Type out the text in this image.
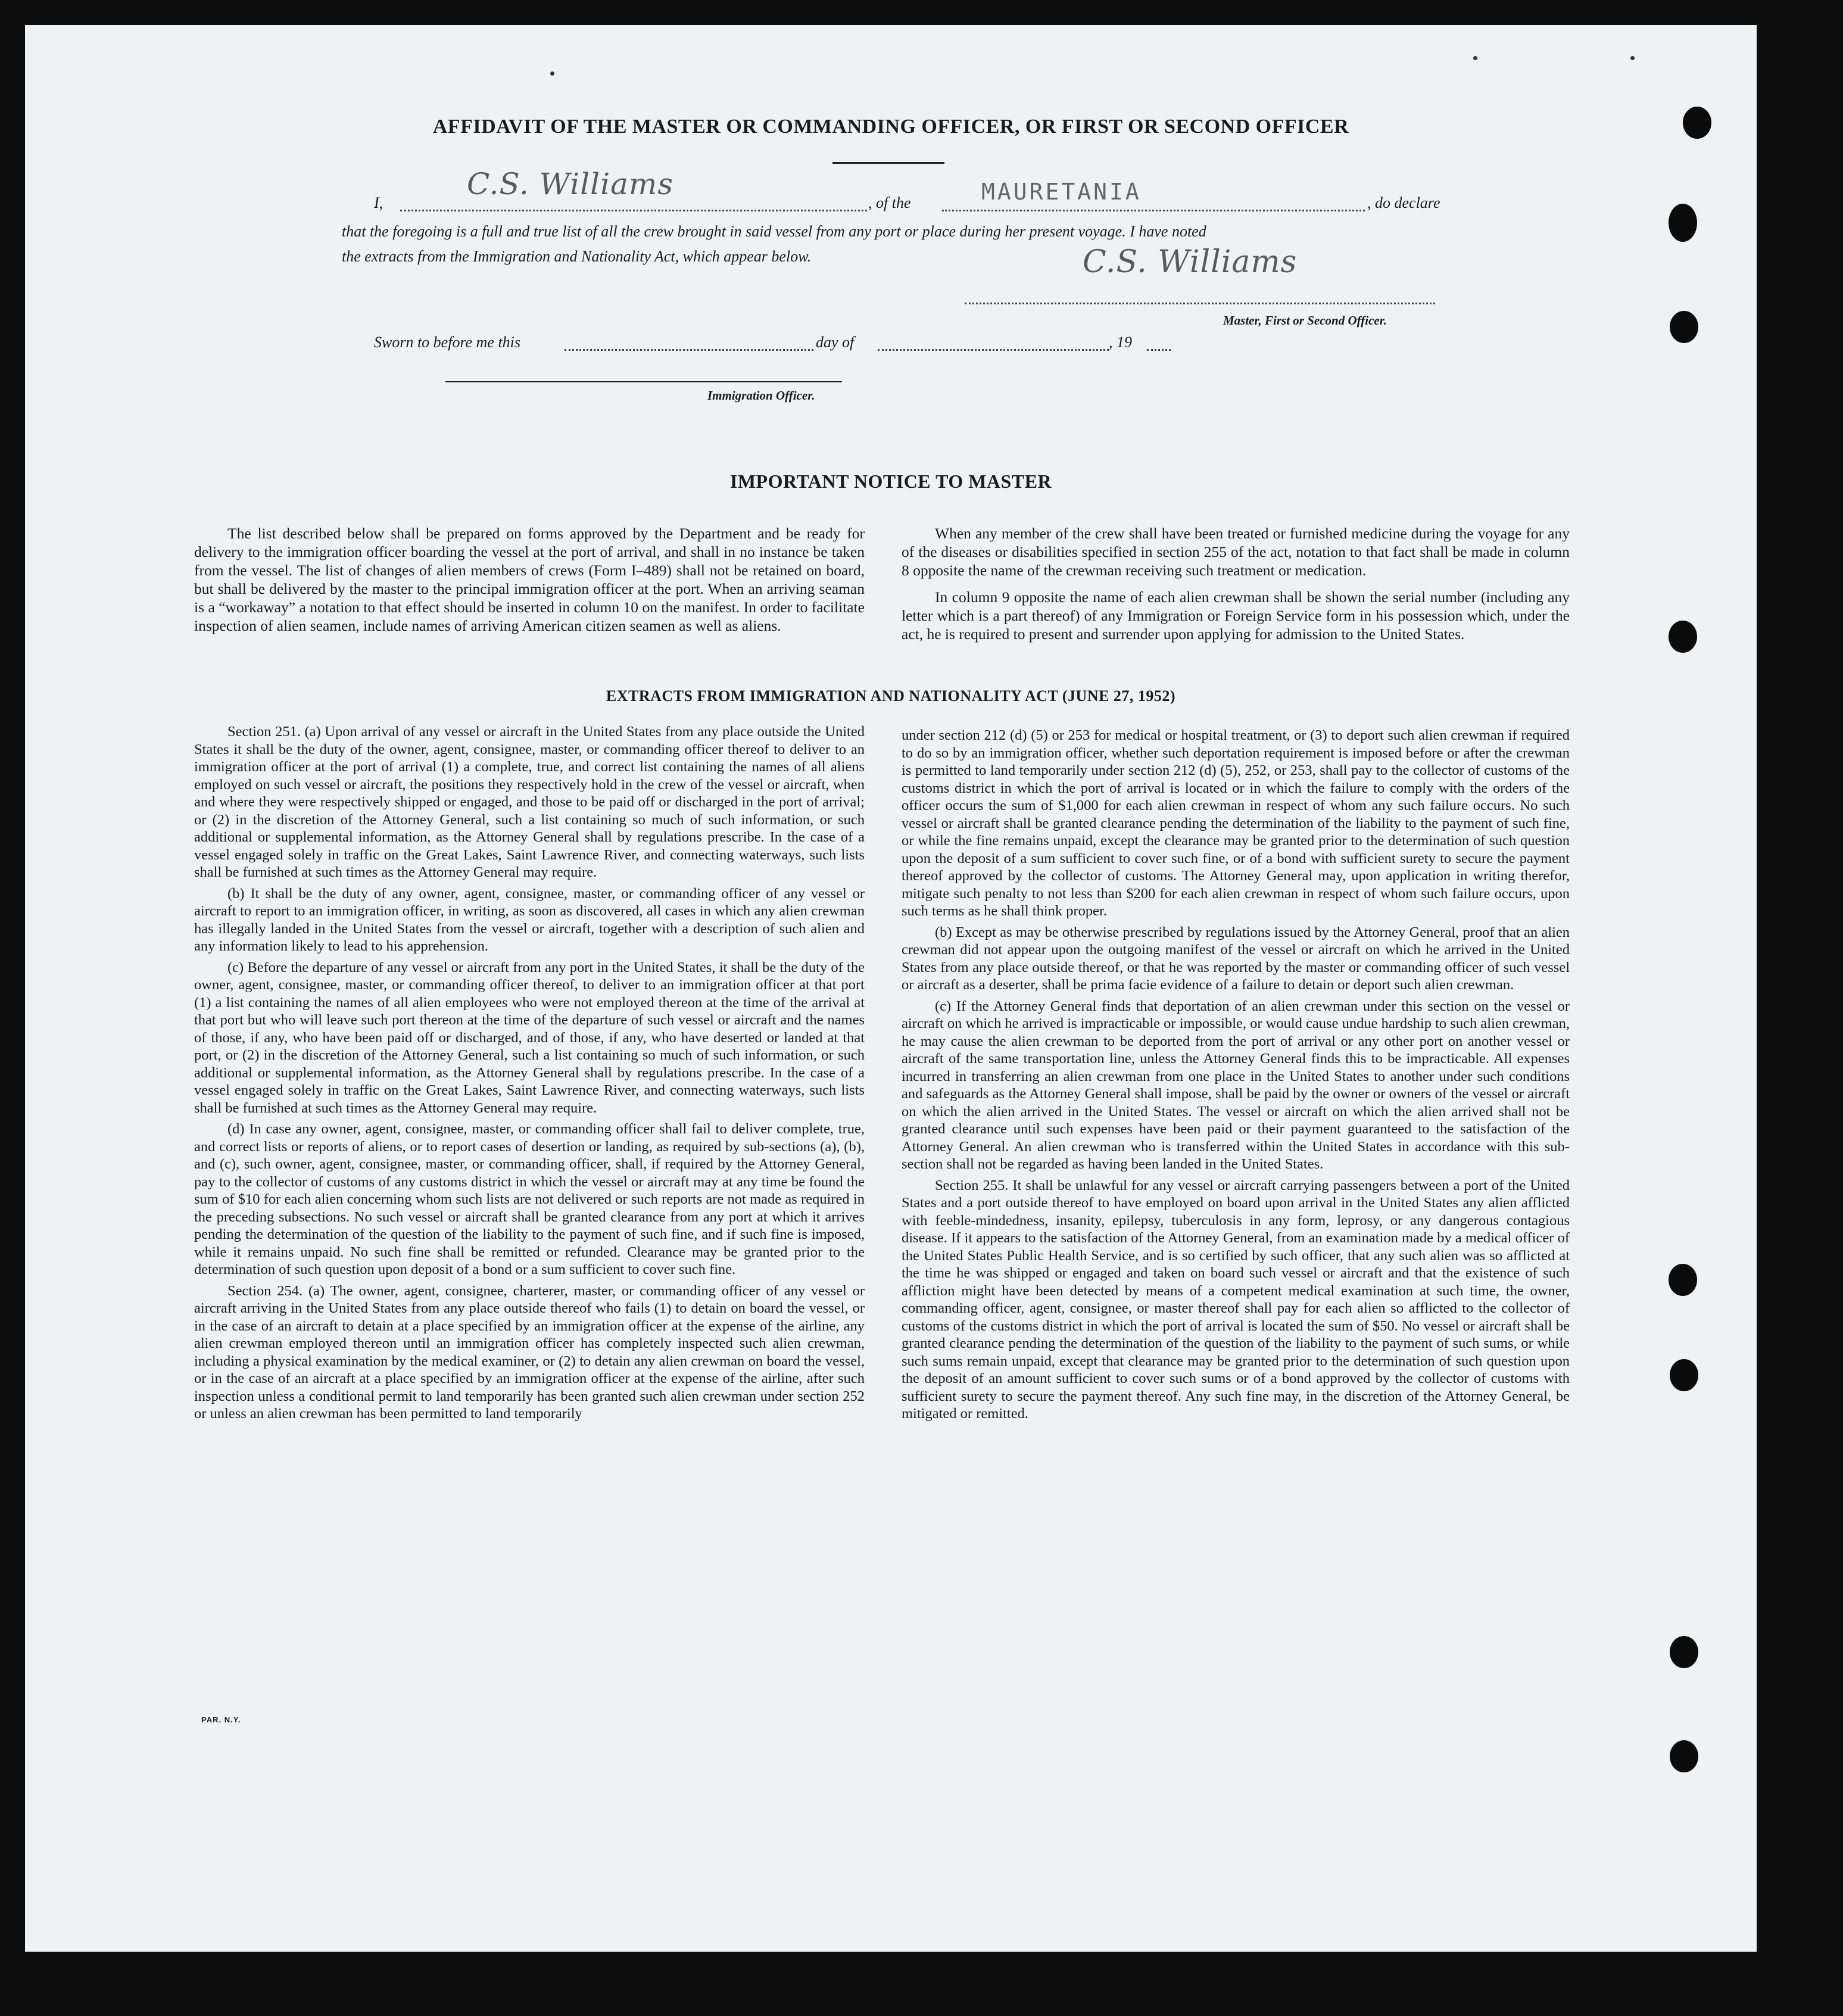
AFFIDAVIT OF THE MASTER OR COMMANDING OFFICER, OR FIRST OR SECOND OFFICER
I,
C.S. Williams
, of the	MAURETANIA	, do declare
that the foregoing is a full and true list of all the crew brought in said vessel from any port or place during her present voyage. I have noted
the extracts from the Immigration and Nationality Act, which appear below.	C.S. Williams
Master, First or Second Officer.
Sworn to before me this	day of	, 19
Immigration Officer.
IMPORTANT NOTICE TO MASTER

The list described below shall be prepared on forms approved by the Department and be ready for delivery to the immigration officer boarding the vessel at the port of arrival, and shall in no instance be taken from the vessel. The list of changes of alien members of crews (Form I–489) shall not be retained on board, but shall be delivered by the master to the principal immigration officer at the port. When an arriving seaman is a “workaway” a notation to that effect should be inserted in column 10 on the manifest. In order to facilitate inspection of alien seamen, include names of arriving American citizen seamen as well as aliens.

When any member of the crew shall have been treated or furnished medicine during the voyage for any of the diseases or disabilities specified in section 255 of the act, notation to that fact shall be made in column 8 opposite the name of the crewman receiving such treatment or medication.

In column 9 opposite the name of each alien crewman shall be shown the serial number (including any letter which is a part thereof) of any Immigration or Foreign Service form in his possession which, under the act, he is required to present and surrender upon applying for admission to the United States.

EXTRACTS FROM IMMIGRATION AND NATIONALITY ACT (JUNE 27, 1952)

Section 251. (a) Upon arrival of any vessel or aircraft in the United States from any place outside the United States it shall be the duty of the owner, agent, consignee, master, or commanding officer thereof to deliver to an immigration officer at the port of arrival (1) a complete, true, and correct list containing the names of all aliens employed on such vessel or aircraft, the positions they respectively hold in the crew of the vessel or aircraft, when and where they were respectively shipped or engaged, and those to be paid off or discharged in the port of arrival; or (2) in the discretion of the Attorney General, such a list containing so much of such information, or such additional or supplemental information, as the Attorney General shall by regulations prescribe. In the case of a vessel engaged solely in traffic on the Great Lakes, Saint Lawrence River, and connecting waterways, such lists shall be furnished at such times as the Attorney General may require.

(b) It shall be the duty of any owner, agent, consignee, master, or commanding officer of any vessel or aircraft to report to an immigration officer, in writing, as soon as discovered, all cases in which any alien crewman has illegally landed in the United States from the vessel or aircraft, together with a description of such alien and any information likely to lead to his apprehension.

(c) Before the departure of any vessel or aircraft from any port in the United States, it shall be the duty of the owner, agent, consignee, master, or commanding officer thereof, to deliver to an immigration officer at that port (1) a list containing the names of all alien employees who were not employed thereon at the time of the arrival at that port but who will leave such port thereon at the time of the departure of such vessel or aircraft and the names of those, if any, who have been paid off or discharged, and of those, if any, who have deserted or landed at that port, or (2) in the discretion of the Attorney General, such a list containing so much of such information, or such additional or supplemental information, as the Attorney General shall by regulations prescribe. In the case of a vessel engaged solely in traffic on the Great Lakes, Saint Lawrence River, and connecting waterways, such lists shall be furnished at such times as the Attorney General may require.

(d) In case any owner, agent, consignee, master, or commanding officer shall fail to deliver complete, true, and correct lists or reports of aliens, or to report cases of desertion or landing, as required by sub-sections (a), (b), and (c), such owner, agent, consignee, master, or commanding officer, shall, if required by the Attorney General, pay to the collector of customs of any customs district in which the vessel or aircraft may at any time be found the sum of $10 for each alien concerning whom such lists are not delivered or such reports are not made as required in the preceding subsections. No such vessel or aircraft shall be granted clearance from any port at which it arrives pending the determination of the question of the liability to the payment of such fine, and if such fine is imposed, while it remains unpaid. No such fine shall be remitted or refunded. Clearance may be granted prior to the determination of such question upon deposit of a bond or a sum sufficient to cover such fine.

Section 254. (a) The owner, agent, consignee, charterer, master, or commanding officer of any vessel or aircraft arriving in the United States from any place outside thereof who fails (1) to detain on board the vessel, or in the case of an aircraft to detain at a place specified by an immigration officer at the expense of the airline, any alien crewman employed thereon until an immigration officer has completely inspected such alien crewman, including a physical examination by the medical examiner, or (2) to detain any alien crewman on board the vessel, or in the case of an aircraft at a place specified by an immigration officer at the expense of the airline, after such inspection unless a conditional permit to land temporarily has been granted such alien crewman under section 252 or unless an alien crewman has been permitted to land temporarily

under section 212 (d) (5) or 253 for medical or hospital treatment, or (3) to deport such alien crewman if required to do so by an immigration officer, whether such deportation requirement is imposed before or after the crewman is permitted to land temporarily under section 212 (d) (5), 252, or 253, shall pay to the collector of customs of the customs district in which the port of arrival is located or in which the failure to comply with the orders of the officer occurs the sum of $1,000 for each alien crewman in respect of whom any such failure occurs. No such vessel or aircraft shall be granted clearance pending the determination of the liability to the payment of such fine, or while the fine remains unpaid, except the clearance may be granted prior to the determination of such question upon the deposit of a sum sufficient to cover such fine, or of a bond with sufficient surety to secure the payment thereof approved by the collector of customs. The Attorney General may, upon application in writing therefor, mitigate such penalty to not less than $200 for each alien crewman in respect of whom such failure occurs, upon such terms as he shall think proper.

(b) Except as may be otherwise prescribed by regulations issued by the Attorney General, proof that an alien crewman did not appear upon the outgoing manifest of the vessel or aircraft on which he arrived in the United States from any place outside thereof, or that he was reported by the master or commanding officer of such vessel or aircraft as a deserter, shall be prima facie evidence of a failure to detain or deport such alien crewman.

(c) If the Attorney General finds that deportation of an alien crewman under this section on the vessel or aircraft on which he arrived is impracticable or impossible, or would cause undue hardship to such alien crewman, he may cause the alien crewman to be deported from the port of arrival or any other port on another vessel or aircraft of the same transportation line, unless the Attorney General finds this to be impracticable. All expenses incurred in transferring an alien crewman from one place in the United States to another under such conditions and safeguards as the Attorney General shall impose, shall be paid by the owner or owners of the vessel or aircraft on which the alien arrived in the United States. The vessel or aircraft on which the alien arrived shall not be granted clearance until such expenses have been paid or their payment guaranteed to the satisfaction of the Attorney General. An alien crewman who is transferred within the United States in accordance with this sub-section shall not be regarded as having been landed in the United States.

Section 255. It shall be unlawful for any vessel or aircraft carrying passengers between a port of the United States and a port outside thereof to have employed on board upon arrival in the United States any alien afflicted with feeble-mindedness, insanity, epilepsy, tuberculosis in any form, leprosy, or any dangerous contagious disease. If it appears to the satisfaction of the Attorney General, from an examination made by a medical officer of the United States Public Health Service, and is so certified by such officer, that any such alien was so afflicted at the time he was shipped or engaged and taken on board such vessel or aircraft and that the existence of such affliction might have been detected by means of a competent medical examination at such time, the owner, commanding officer, agent, consignee, or master thereof shall pay for each alien so afflicted to the collector of customs of the customs district in which the port of arrival is located the sum of $50. No vessel or aircraft shall be granted clearance pending the determination of the question of the liability to the payment of such sums, or while such sums remain unpaid, except that clearance may be granted prior to the determination of such question upon the deposit of an amount sufficient to cover such sums or of a bond approved by the collector of customs with sufficient surety to secure the payment thereof. Any such fine may, in the discretion of the Attorney General, be mitigated or remitted.

PAR. N.Y.
